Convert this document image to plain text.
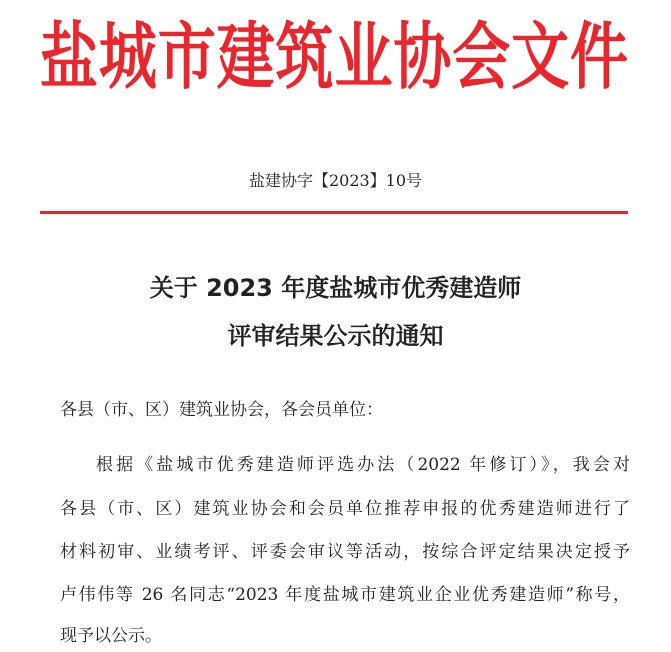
盐城市建筑业协会文件
盐建协字【2023】10号
关于 2023 年度盐城市优秀建造师
评审结果公示的通知
各县（市、区）建筑业协会，各会员单位：
根据《盐城市优秀建造师评选办法（2022 年修订）》，我会对
各县（市、区）建筑业协会和会员单位推荐申报的优秀建造师进行了
材料初审、业绩考评、评委会审议等活动，按综合评定结果决定授予
卢伟伟等 26 名同志“2023 年度盐城市建筑业企业优秀建造师”称号，
现予以公示。
